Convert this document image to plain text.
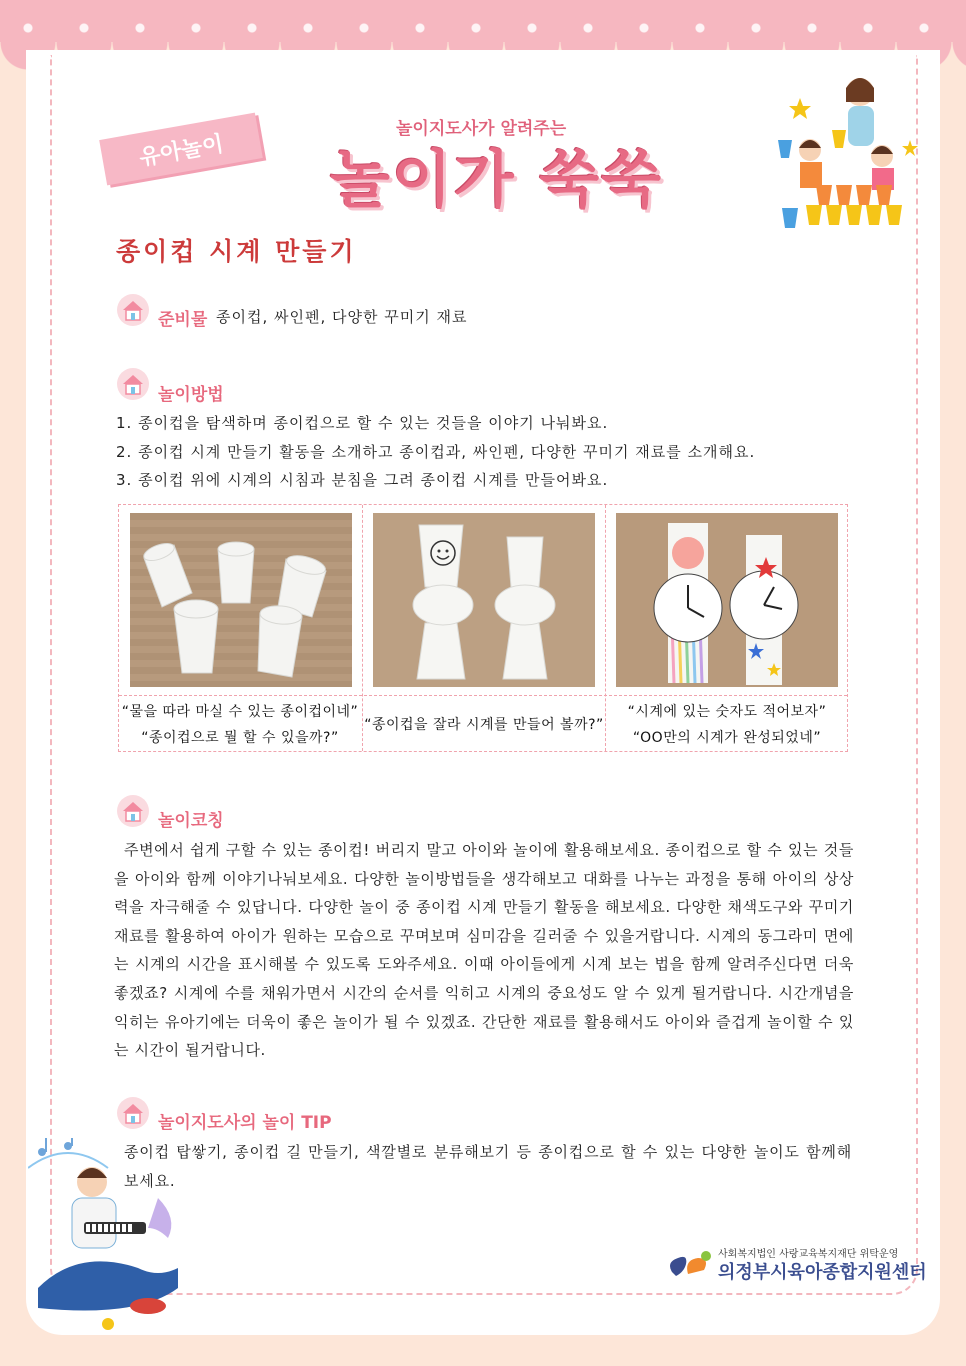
유아놀이
놀이지도사가 알려주는
놀이가 쑥쑥
종이컵 시계 만들기
준비물 종이컵, 싸인펜, 다양한 꾸미기 재료
놀이방법
1. 종이컵을 탐색하며 종이컵으로 할 수 있는 것들을 이야기 나눠봐요.
2. 종이컵 시계 만들기 활동을 소개하고 종이컵과, 싸인펜, 다양한 꾸미기 재료를 소개해요.
3. 종이컵 위에 시계의 시침과 분침을 그려 종이컵 시계를 만들어봐요.
“물을 따라 마실 수 있는 종이컵이네”
“종이컵으로 뭘 할 수 있을까?”
“종이컵을 잘라 시계를 만들어 볼까?”
“시계에 있는 숫자도 적어보자”
“OO만의 시계가 완성되었네”
놀이코칭
주변에서 쉽게 구할 수 있는 종이컵! 버리지 말고 아이와 놀이에 활용해보세요. 종이컵으로 할 수 있는 것들을 아이와 함께 이야기나눠보세요. 다양한 놀이방법들을 생각해보고 대화를 나누는 과정을 통해 아이의 상상력을 자극해줄 수 있답니다. 다양한 놀이 중 종이컵 시계 만들기 활동을 해보세요. 다양한 채색도구와 꾸미기 재료를 활용하여 아이가 원하는 모습으로 꾸며보며 심미감을 길러줄 수 있을거랍니다. 시계의 동그라미 면에는 시계의 시간을 표시해볼 수 있도록 도와주세요. 이때 아이들에게 시계 보는 법을 함께 알려주신다면 더욱 좋겠죠? 시계에 수를 채워가면서 시간의 순서를 익히고 시계의 중요성도 알 수 있게 될거랍니다. 시간개념을 익히는 유아기에는 더욱이 좋은 놀이가 될 수 있겠죠. 간단한 재료를 활용해서도 아이와 즐겁게 놀이할 수 있는 시간이 될거랍니다.
놀이지도사의 놀이 TIP
종이컵 탑쌓기, 종이컵 길 만들기, 색깔별로 분류해보기 등 종이컵으로 할 수 있는 다양한 놀이도 함께해보세요.
사회복지법인 사랑교육복지재단 위탁운영
의정부시육아종합지원센터
